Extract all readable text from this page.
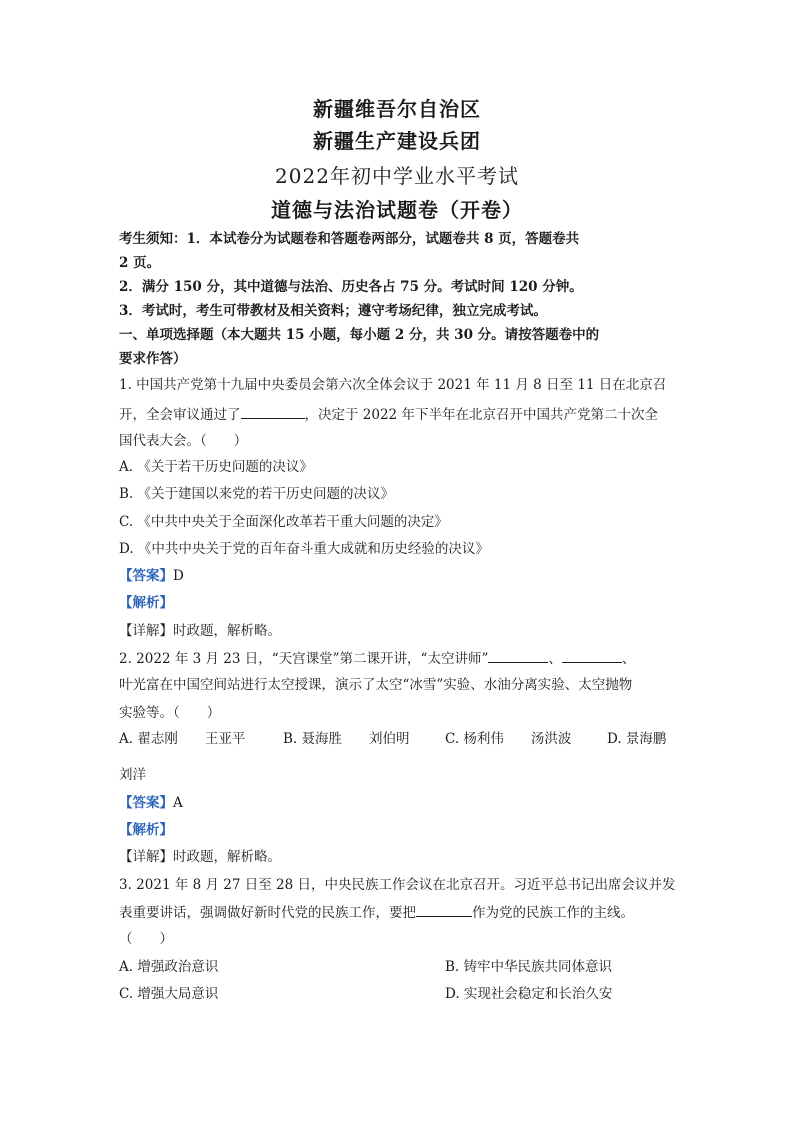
新疆维吾尔自治区
新疆生产建设兵团
2022年初中学业水平考试
道德与法治试题卷（开卷）
考生须知：1．本试卷分为试题卷和答题卷两部分，试题卷共 8 页，答题卷共
2 页。
2．满分 150 分，其中道德与法治、历史各占 75 分。考试时间 120 分钟。
3．考试时，考生可带教材及相关资料；遵守考场纪律，独立完成考试。
一、单项选择题（本大题共 15 小题，每小题 2 分，共 30 分。请按答题卷中的
要求作答）
1. 中国共产党第十九届中央委员会第六次全体会议于 2021 年 11 月 8 日至 11 日在北京召
开，全会审议通过了	，决定于 2022 年下半年在北京召开中国共产党第二十次全
国代表大会。（　　）
A. 《关于若干历史问题的决议》
B. 《关于建国以来党的若干历史问题的决议》
C. 《中共中央关于全面深化改革若干重大问题的决定》
D. 《中共中央关于党的百年奋斗重大成就和历史经验的决议》
【答案】D
【解析】
【详解】时政题，解析略。
2. 2022 年 3 月 23 日，“天宫课堂”第二课开讲，“太空讲师”	、	、
叶光富在中国空间站进行太空授课，演示了太空“冰雪”实验、水油分离实验、太空抛物
实验等。（　　）
A. 翟志刚　　王亚平	B. 聂海胜　　刘伯明	C. 杨利伟　　汤洪波	D. 景海鹏
刘洋
【答案】A
【解析】
【详解】时政题，解析略。
3. 2021 年 8 月 27 日至 28 日，中央民族工作会议在北京召开。习近平总书记出席会议并发
表重要讲话，强调做好新时代党的民族工作，要把	作为党的民族工作的主线。
（　　）
A. 增强政治意识	B. 铸牢中华民族共同体意识
C. 增强大局意识	D. 实现社会稳定和长治久安
